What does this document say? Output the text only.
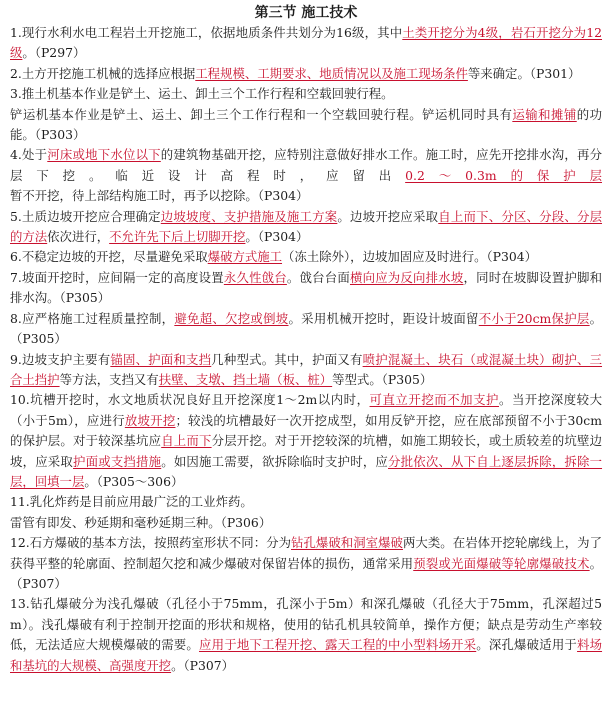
第三节 施工技术

1.现行水利水电工程岩土开挖施工，依据地质条件共划分为16级，其中土类开挖分为4级，岩石开挖分为12级。（P297）

2.土方开挖施工机械的选择应根据工程规模、工期要求、地质情况以及施工现场条件等来确定。（P301）

3.推土机基本作业是铲土、运土、卸土三个工作行程和空载回驶行程。

铲运机基本作业是铲土、运土、卸土三个工作行程和一个空载回驶行程。铲运机同时具有运输和摊铺的功能。（P303）

4.处于河床或地下水位以下的建筑物基础开挖，应特别注意做好排水工作。施工时，应先开挖排水沟，再分层下挖。临近设计高程时，应留出0.2～0.3m的保护层暂不开挖，待上部结构施工时，再予以挖除。（P304）

5.土质边坡开挖应合理确定边坡坡度、支护措施及施工方案。边坡开挖应采取自上而下、分区、分段、分层的方法依次进行，不允许先下后上切脚开挖。（P304）

6.不稳定边坡的开挖，尽量避免采取爆破方式施工（冻土除外），边坡加固应及时进行。（P304）

7.坡面开挖时，应间隔一定的高度设置永久性戗台。戗台台面横向应为反向排水坡，同时在坡脚设置护脚和排水沟。（P305）

8.应严格施工过程质量控制，避免超、欠挖或倒坡。采用机械开挖时，距设计坡面留不小于20cm保护层。（P305）

9.边坡支护主要有锚固、护面和支挡几种型式。其中，护面又有喷护混凝土、块石（或混凝土块）砌护、三合土挡护等方法，支挡又有扶壁、支墩、挡土墙（板、桩）等型式。（P305）

10.坑槽开挖时，水文地质状况良好且开挖深度1～2m以内时，可直立开挖而不加支护。当开挖深度较大（小于5m），应进行放坡开挖；较浅的坑槽最好一次开挖成型，如用反铲开挖，应在底部预留不小于30cm的保护层。对于较深基坑应自上而下分层开挖。对于开挖较深的坑槽，如施工期较长，或土质较差的坑壁边坡，应采取护面或支挡措施。如因施工需要，欲拆除临时支护时，应分批依次、从下自上逐层拆除，拆除一层，回填一层。（P305～306）

11.乳化炸药是目前应用最广泛的工业炸药。

雷管有即发、秒延期和毫秒延期三种。（P306）

12.石方爆破的基本方法，按照药室形状不同：分为钻孔爆破和洞室爆破两大类。在岩体开挖轮廓线上，为了获得平整的轮廓面、控制超欠挖和减少爆破对保留岩体的损伤，通常采用预裂或光面爆破等轮廓爆破技术。（P307）

13.钻孔爆破分为浅孔爆破（孔径小于75mm，孔深小于5m）和深孔爆破（孔径大于75mm，孔深超过5m）。浅孔爆破有利于控制开挖面的形状和规格，使用的钻孔机具较简单，操作方便；缺点是劳动生产率较低，无法适应大规模爆破的需要。应用于地下工程开挖、露天工程的中小型料场开采。深孔爆破适用于料场和基坑的大规模、高强度开挖。（P307）
